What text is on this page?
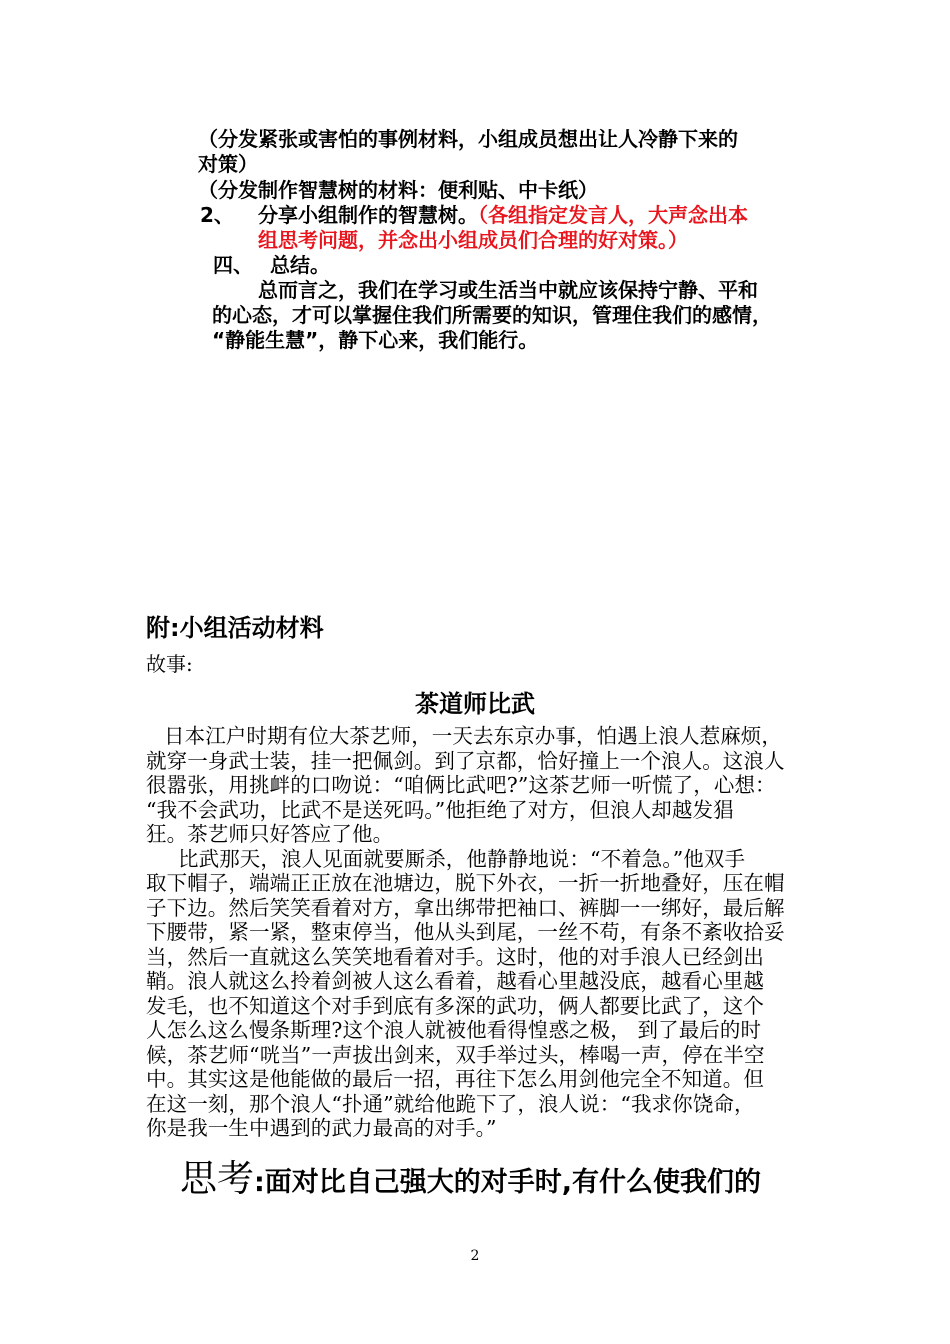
（分发紧张或害怕的事例材料，小组成员想出让人冷静下来的
对策）
（分发制作智慧树的材料：便利贴、中卡纸）
2、 分享小组制作的智慧树。（各组指定发言人，大声念出本
组思考问题，并念出小组成员们合理的好对策。）
四、 总结。
总而言之，我们在学习或生活当中就应该保持宁静、平和
的心态，才可以掌握住我们所需要的知识，管理住我们的感情，
“静能生慧”，静下心来，我们能行。
附:小组活动材料
故事:
茶道师比武
日本江户时期有位大茶艺师，一天去东京办事，怕遇上浪人惹麻烦，
就穿一身武士装，挂一把佩剑。到了京都，恰好撞上一个浪人。这浪人
很嚣张，用挑衅的口吻说：“咱俩比武吧?”这茶艺师一听慌了，心想：
“我不会武功，比武不是送死吗。”他拒绝了对方，但浪人却越发猖
狂。茶艺师只好答应了他。
比武那天，浪人见面就要厮杀，他静静地说：“不着急。”他双手
取下帽子，端端正正放在池塘边，脱下外衣，一折一折地叠好，压在帽
子下边。然后笑笑看着对方，拿出绑带把袖口、裤脚一一绑好，最后解
下腰带，紧一紧，整束停当，他从头到尾，一丝不苟，有条不紊收拾妥
当，然后一直就这么笑笑地看着对手。这时，他的对手浪人已经剑出
鞘。浪人就这么拎着剑被人这么看着，越看心里越没底，越看心里越
发毛，也不知道这个对手到底有多深的武功，俩人都要比武了，这个
人怎么这么慢条斯理?这个浪人就被他看得惶惑之极， 到了最后的时
候，茶艺师“咣当”一声拔出剑来，双手举过头，棒喝一声，停在半空
中。其实这是他能做的最后一招，再往下怎么用剑他完全不知道。但
在这一刻，那个浪人“扑通”就给他跪下了，浪人说：“我求你饶命，
你是我一生中遇到的武力最高的对手。”
思考:面对比自己强大的对手时,有什么使我们的
2
